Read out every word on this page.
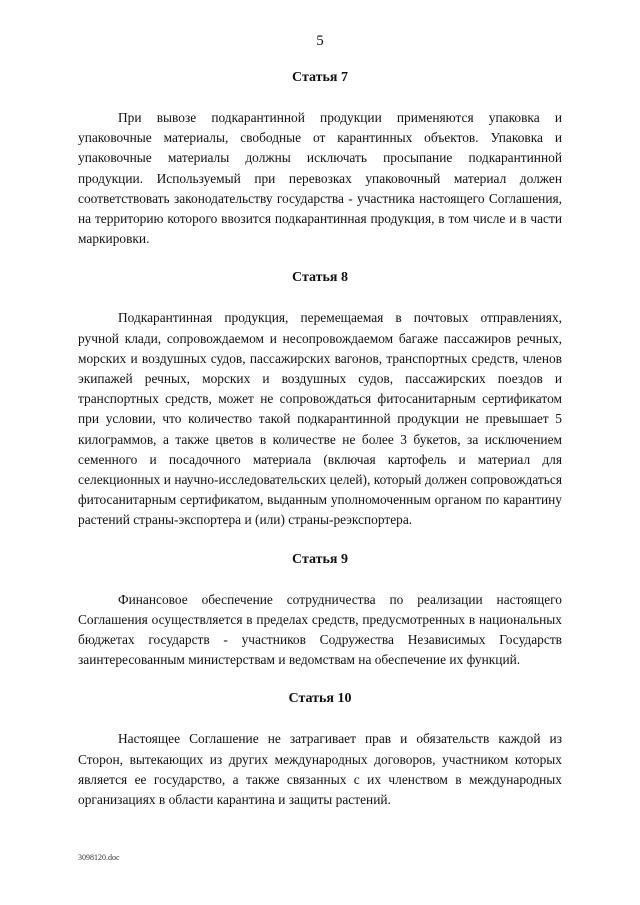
5
Статья 7

При вывозе подкарантинной продукции применяются упаковка и упаковочные материалы, свободные от карантинных объектов. Упаковка и упаковочные материалы должны исключать просыпание подкарантинной продукции. Используемый при перевозках упаковочный материал должен соответствовать законодательству государства - участника настоящего Соглашения, на территорию которого ввозится подкарантинная продукция, в том числе и в части маркировки.

Статья 8

Подкарантинная продукция, перемещаемая в почтовых отправлениях, ручной клади, сопровождаемом и несопровождаемом багаже пассажиров речных, морских и воздушных судов, пассажирских вагонов, транспортных средств, членов экипажей речных, морских и воздушных судов, пассажирских поездов и транспортных средств, может не сопровождаться фитосанитарным сертификатом при условии, что количество такой подкарантинной продукции не превышает 5 килограммов, а также цветов в количестве не более 3 букетов, за исключением семенного и посадочного материала (включая картофель и материал для селекционных и научно-исследовательских целей), который должен сопровождаться фитосанитарным сертификатом, выданным уполномоченным органом по карантину растений страны-экспортера и (или) страны-реэкспортера.

Статья 9

Финансовое обеспечение сотрудничества по реализации настоящего Соглашения осуществляется в пределах средств, предусмотренных в национальных бюджетах государств - участников Содружества Независимых Государств заинтересованным министерствам и ведомствам на обеспечение их функций.

Статья 10

Настоящее Соглашение не затрагивает прав и обязательств каждой из Сторон, вытекающих из других международных договоров, участником которых является ее государство, а также связанных с их членством в международных организациях в области карантина и защиты растений.

3098120.doc
